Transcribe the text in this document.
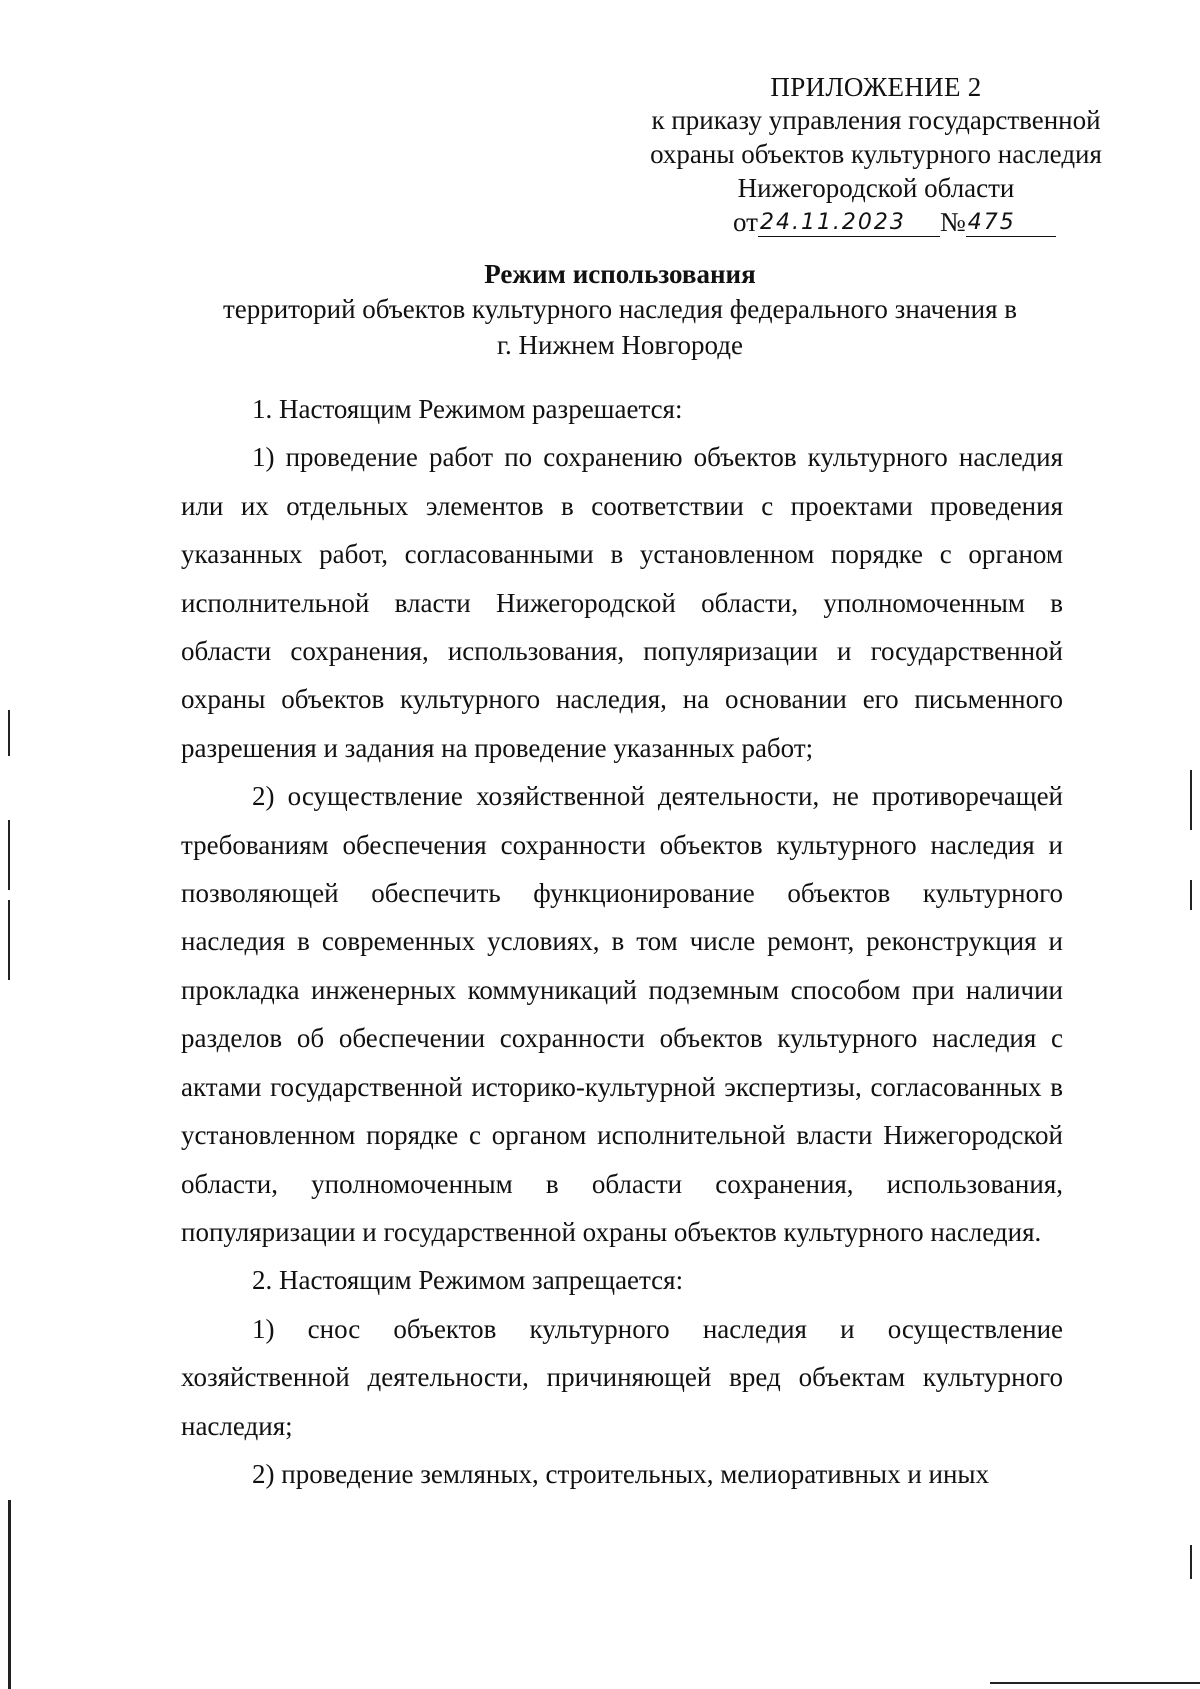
ПРИЛОЖЕНИЕ 2
к приказу управления государственной
охраны объектов культурного наследия
Нижегородской области
от24.11.2023 №475
Режим использования
территорий объектов культурного наследия федерального значения в
г. Нижнем Новгороде

1. Настоящим Режимом разрешается:

1) проведение работ по сохранению объектов культурного наследия или их отдельных элементов в соответствии с проектами проведения указанных работ, согласованными в установленном порядке с органом исполнительной власти Нижегородской области, уполномоченным в области сохранения, использования, популяризации и государственной охраны объектов культурного наследия, на основании его письменного разрешения и задания на проведение указанных работ;

2) осуществление хозяйственной деятельности, не противоречащей требованиям обеспечения сохранности объектов культурного наследия и позволяющей обеспечить функционирование объектов культурного наследия в современных условиях, в том числе ремонт, реконструкция и прокладка инженерных коммуникаций подземным способом при наличии разделов об обеспечении сохранности объектов культурного наследия с актами государственной историко-культурной экспертизы, согласованных в установленном порядке с органом исполнительной власти Нижегородской области, уполномоченным в области сохранения, использования, популяризации и государственной охраны объектов культурного наследия.

2. Настоящим Режимом запрещается:

1) снос объектов культурного наследия и осуществление хозяйственной деятельности, причиняющей вред объектам культурного наследия;

2) проведение земляных, строительных, мелиоративных и иных
